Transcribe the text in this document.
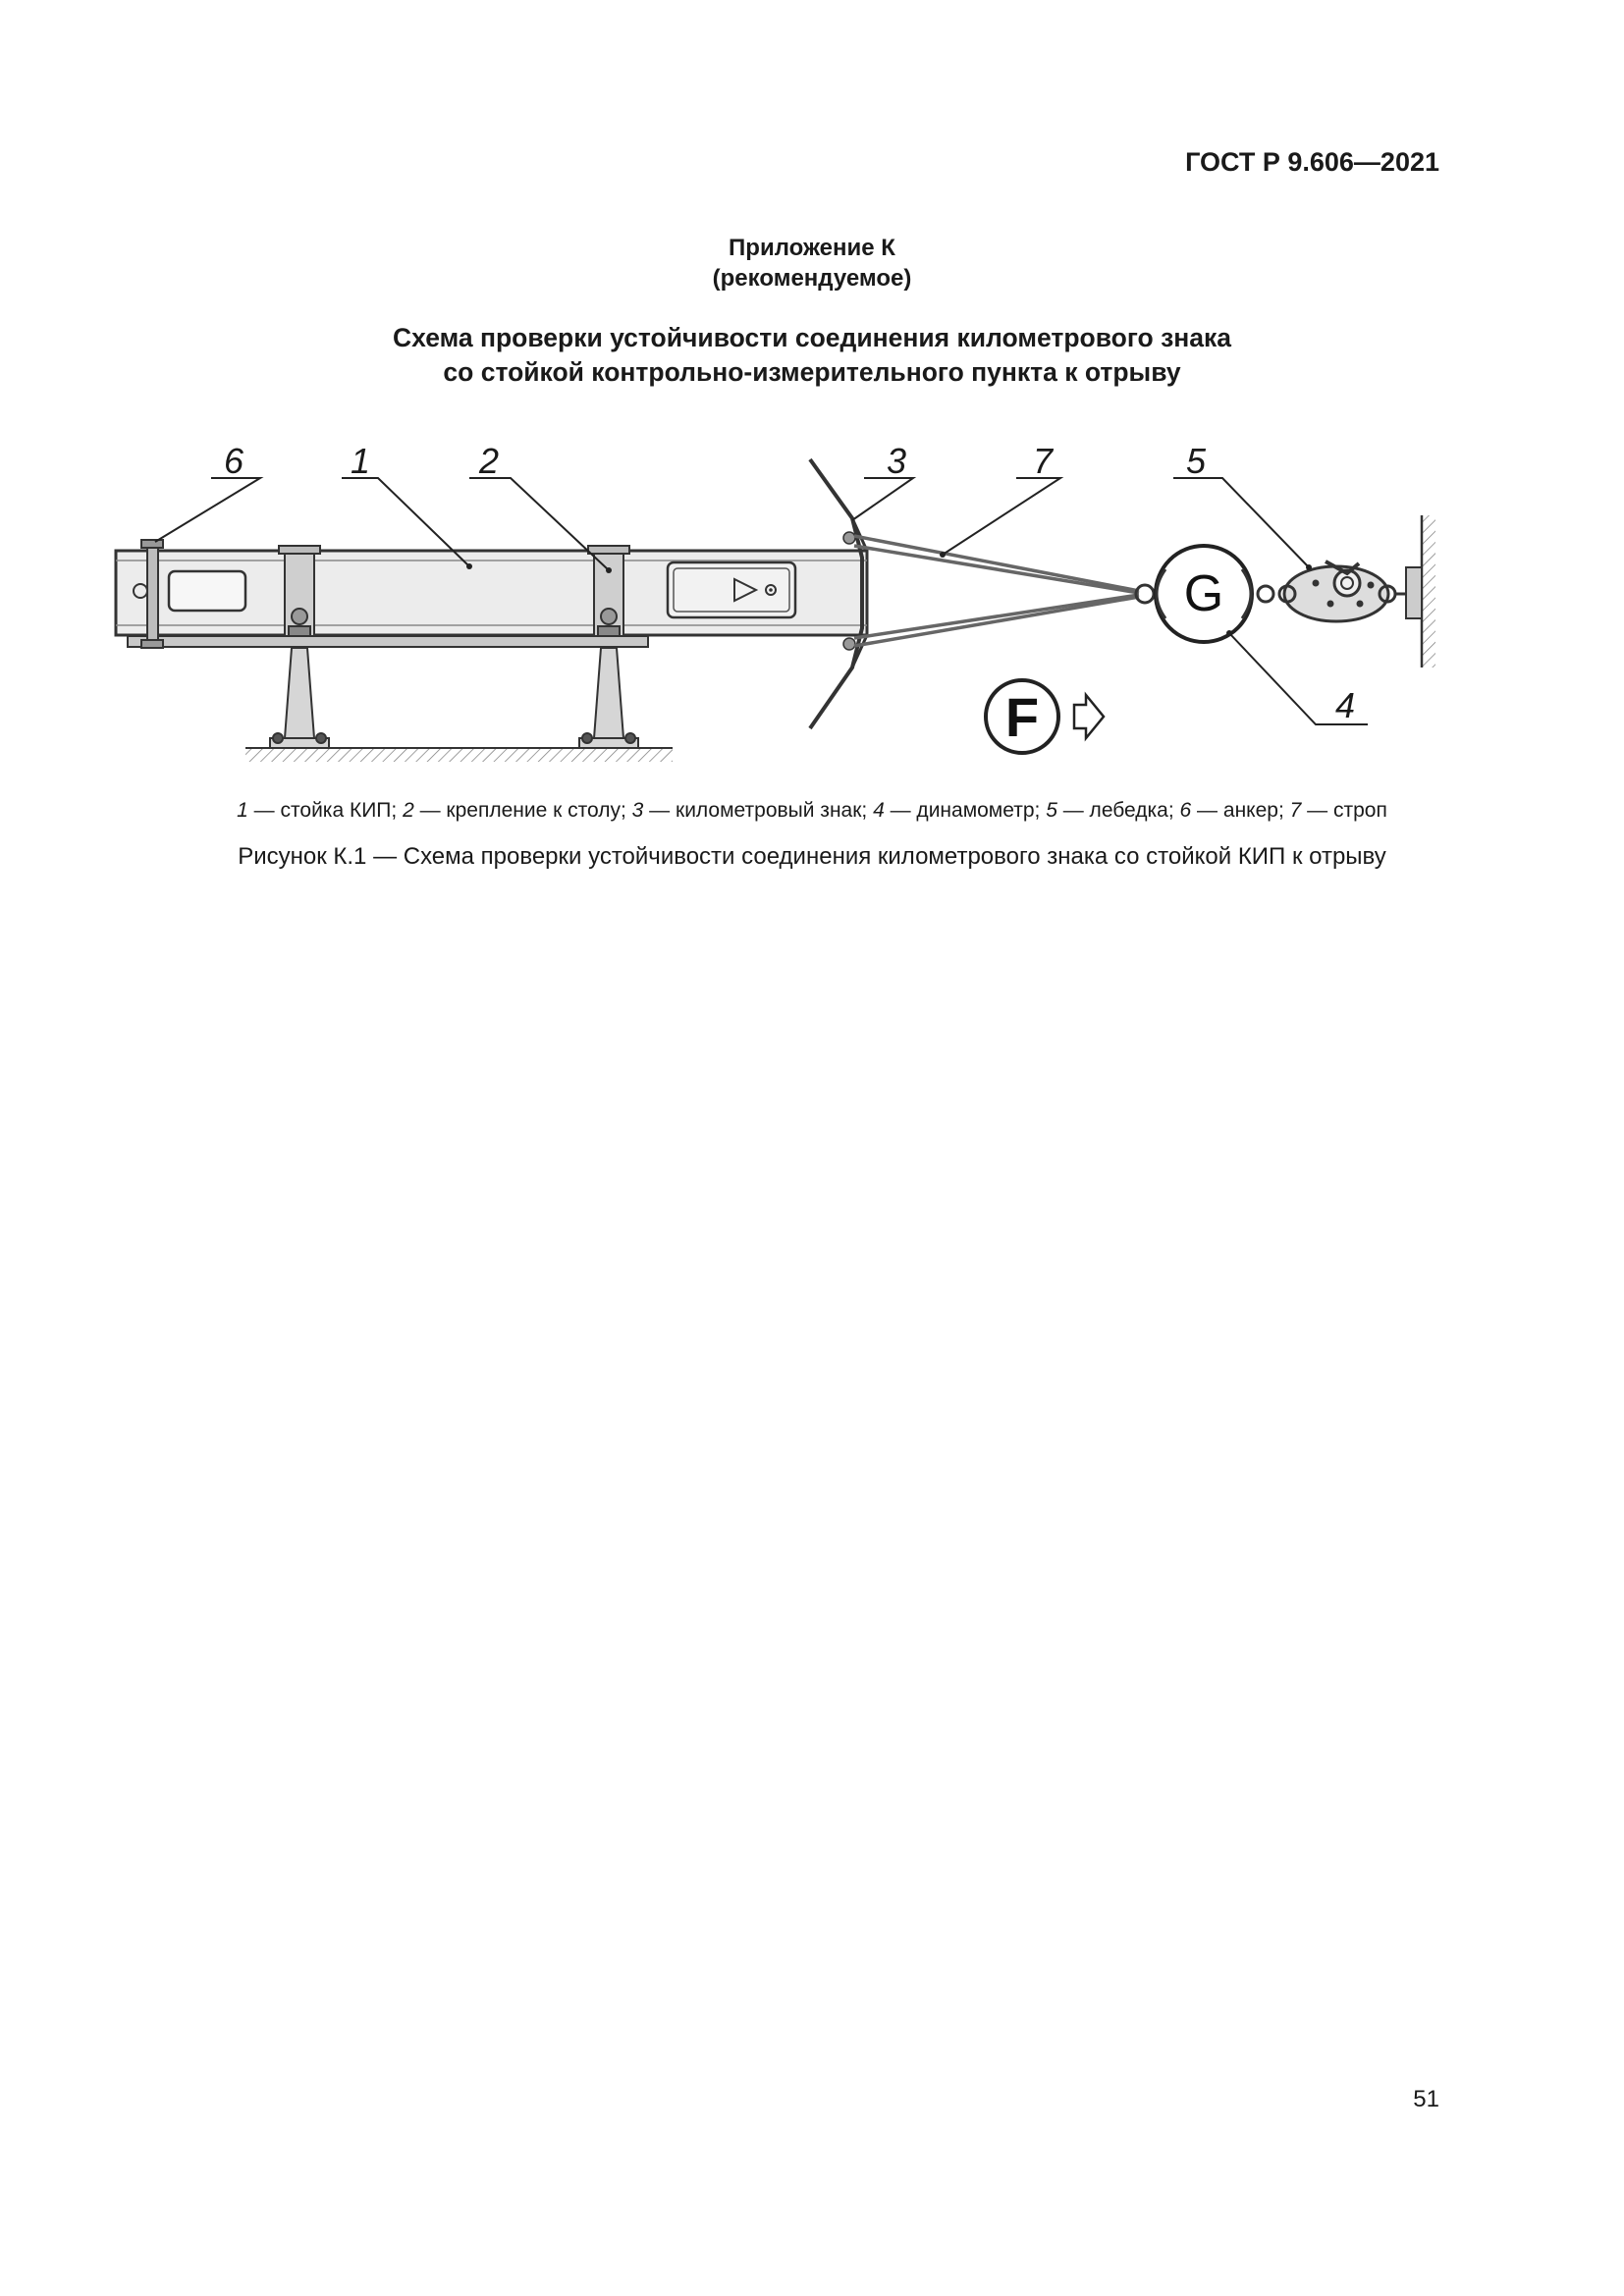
ГОСТ Р 9.606—2021
Приложение К
(рекомендуемое)
Схема проверки устойчивости соединения километрового знака
со стойкой контрольно-измерительного пункта к отрыву
G
F
6	1	2	3	7	5
4
1 — стойка КИП; 2 — крепление к столу; 3 — километровый знак; 4 — динамометр; 5 — лебедка; 6 — анкер; 7 — строп
Рисунок К.1 — Схема проверки устойчивости соединения километрового знака со стойкой КИП к отрыву
51
